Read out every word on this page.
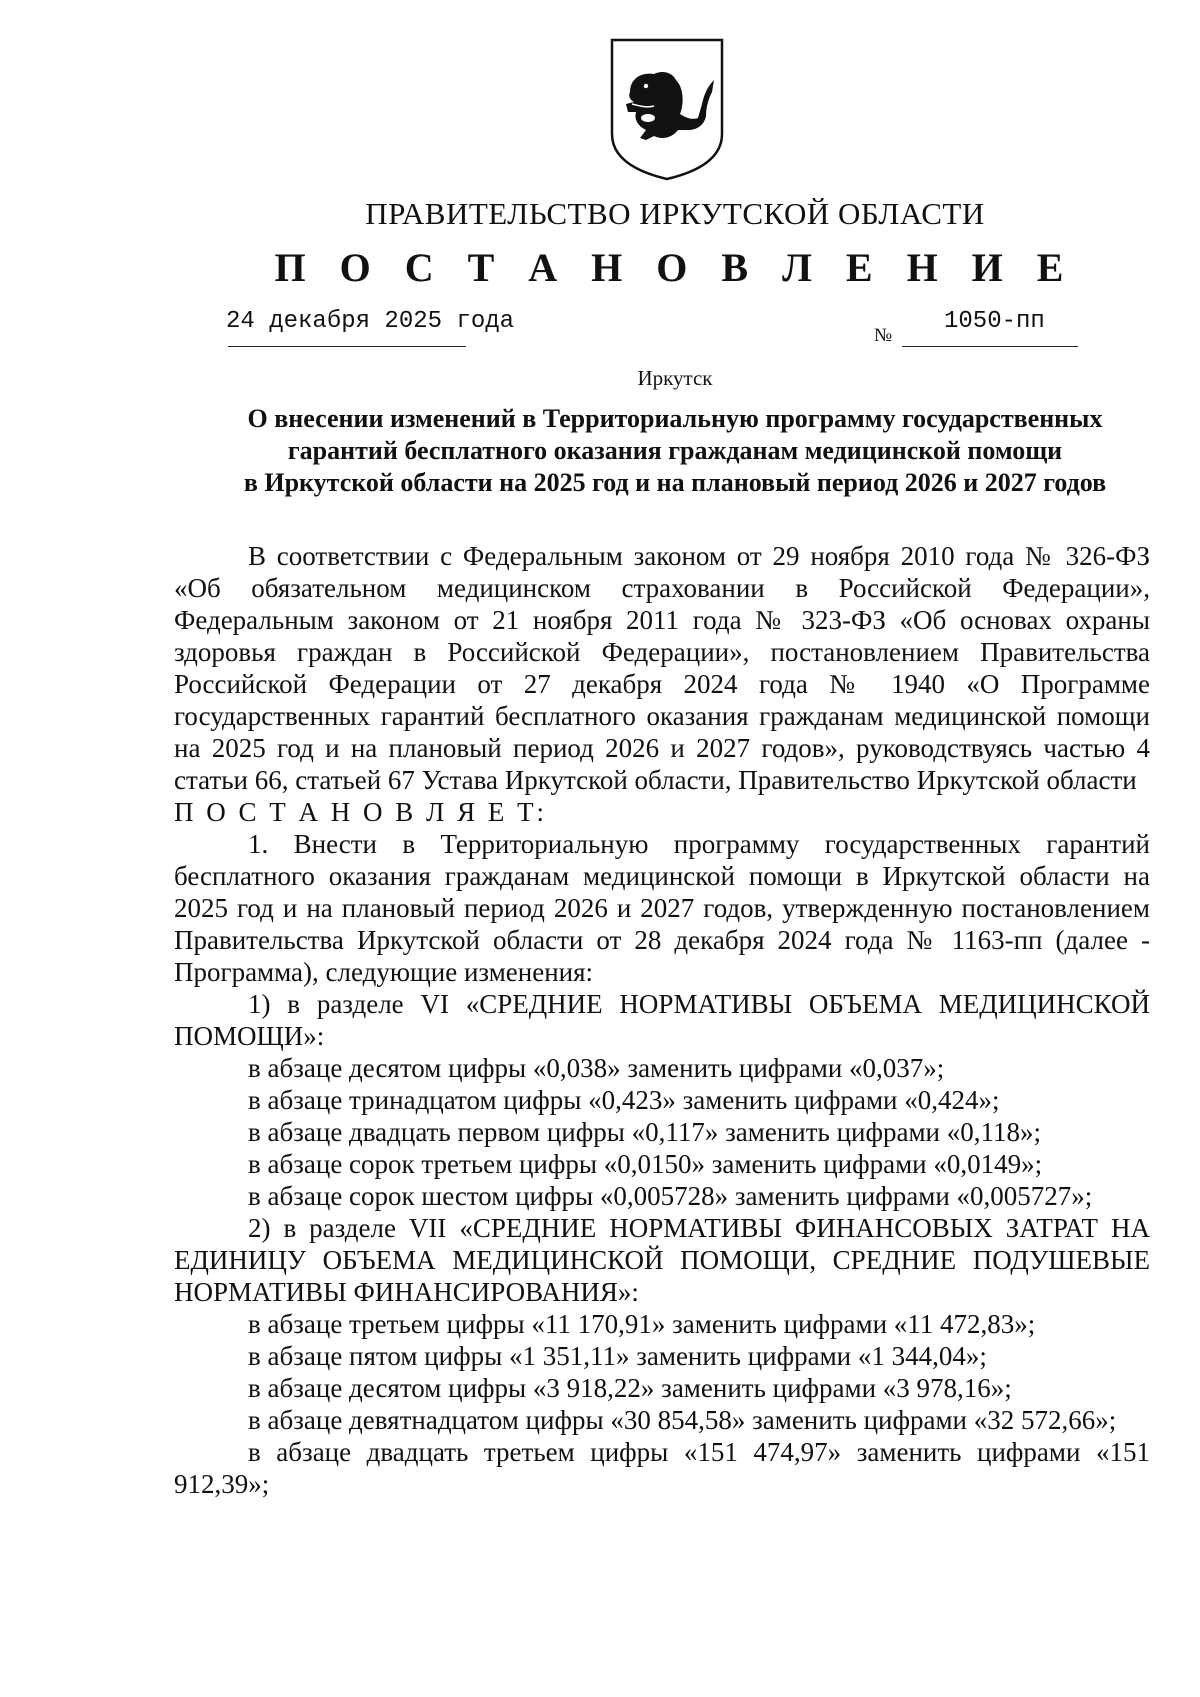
ПРАВИТЕЛЬСТВО ИРКУТСКОЙ ОБЛАСТИ
П О С Т А Н О В Л Е Н И Е
24 декабря 2025 года
№
1050-пп
Иркутск
О внесении изменений в Территориальную программу государственных
гарантий бесплатного оказания гражданам медицинской помощи
в Иркутской области на 2025 год и на плановый период 2026 и 2027 годов

В соответствии с Федеральным законом от 29 ноября 2010 года № 326-ФЗ «Об обязательном медицинском страховании в Российской Федерации», Федеральным законом от 21 ноября 2011 года № 323-ФЗ «Об основах охраны здоровья граждан в Российской Федерации», постановлением Правительства Российской Федерации от 27 декабря 2024 года № 1940 «О Программе государственных гарантий бесплатного оказания гражданам медицинской помощи на 2025 год и на плановый период 2026 и 2027 годов», руководствуясь частью 4 статьи 66, статьей 67 Устава Иркутской области, Правительство Иркутской области

П О С Т А Н О В Л Я Е Т:

1. Внести в Территориальную программу государственных гарантий бесплатного оказания гражданам медицинской помощи в Иркутской области на 2025 год и на плановый период 2026 и 2027 годов, утвержденную постановлением Правительства Иркутской области от 28 декабря 2024 года № 1163-пп (далее - Программа), следующие изменения:

1) в разделе VI «СРЕДНИЕ НОРМАТИВЫ ОБЪЕМА МЕДИЦИНСКОЙ ПОМОЩИ»:

в абзаце десятом цифры «0,038» заменить цифрами «0,037»;

в абзаце тринадцатом цифры «0,423» заменить цифрами «0,424»;

в абзаце двадцать первом цифры «0,117» заменить цифрами «0,118»;

в абзаце сорок третьем цифры «0,0150» заменить цифрами «0,0149»;

в абзаце сорок шестом цифры «0,005728» заменить цифрами «0,005727»;

2) в разделе VII «СРЕДНИЕ НОРМАТИВЫ ФИНАНСОВЫХ ЗАТРАТ НА ЕДИНИЦУ ОБЪЕМА МЕДИЦИНСКОЙ ПОМОЩИ, СРЕДНИЕ ПОДУШЕВЫЕ НОРМАТИВЫ ФИНАНСИРОВАНИЯ»:

в абзаце третьем цифры «11 170,91» заменить цифрами «11 472,83»;

в абзаце пятом цифры «1 351,11» заменить цифрами «1 344,04»;

в абзаце десятом цифры «3 918,22» заменить цифрами «3 978,16»;

в абзаце девятнадцатом цифры «30 854,58» заменить цифрами «32 572,66»;

в абзаце двадцать третьем цифры «151 474,97» заменить цифрами «151 912,39»;
